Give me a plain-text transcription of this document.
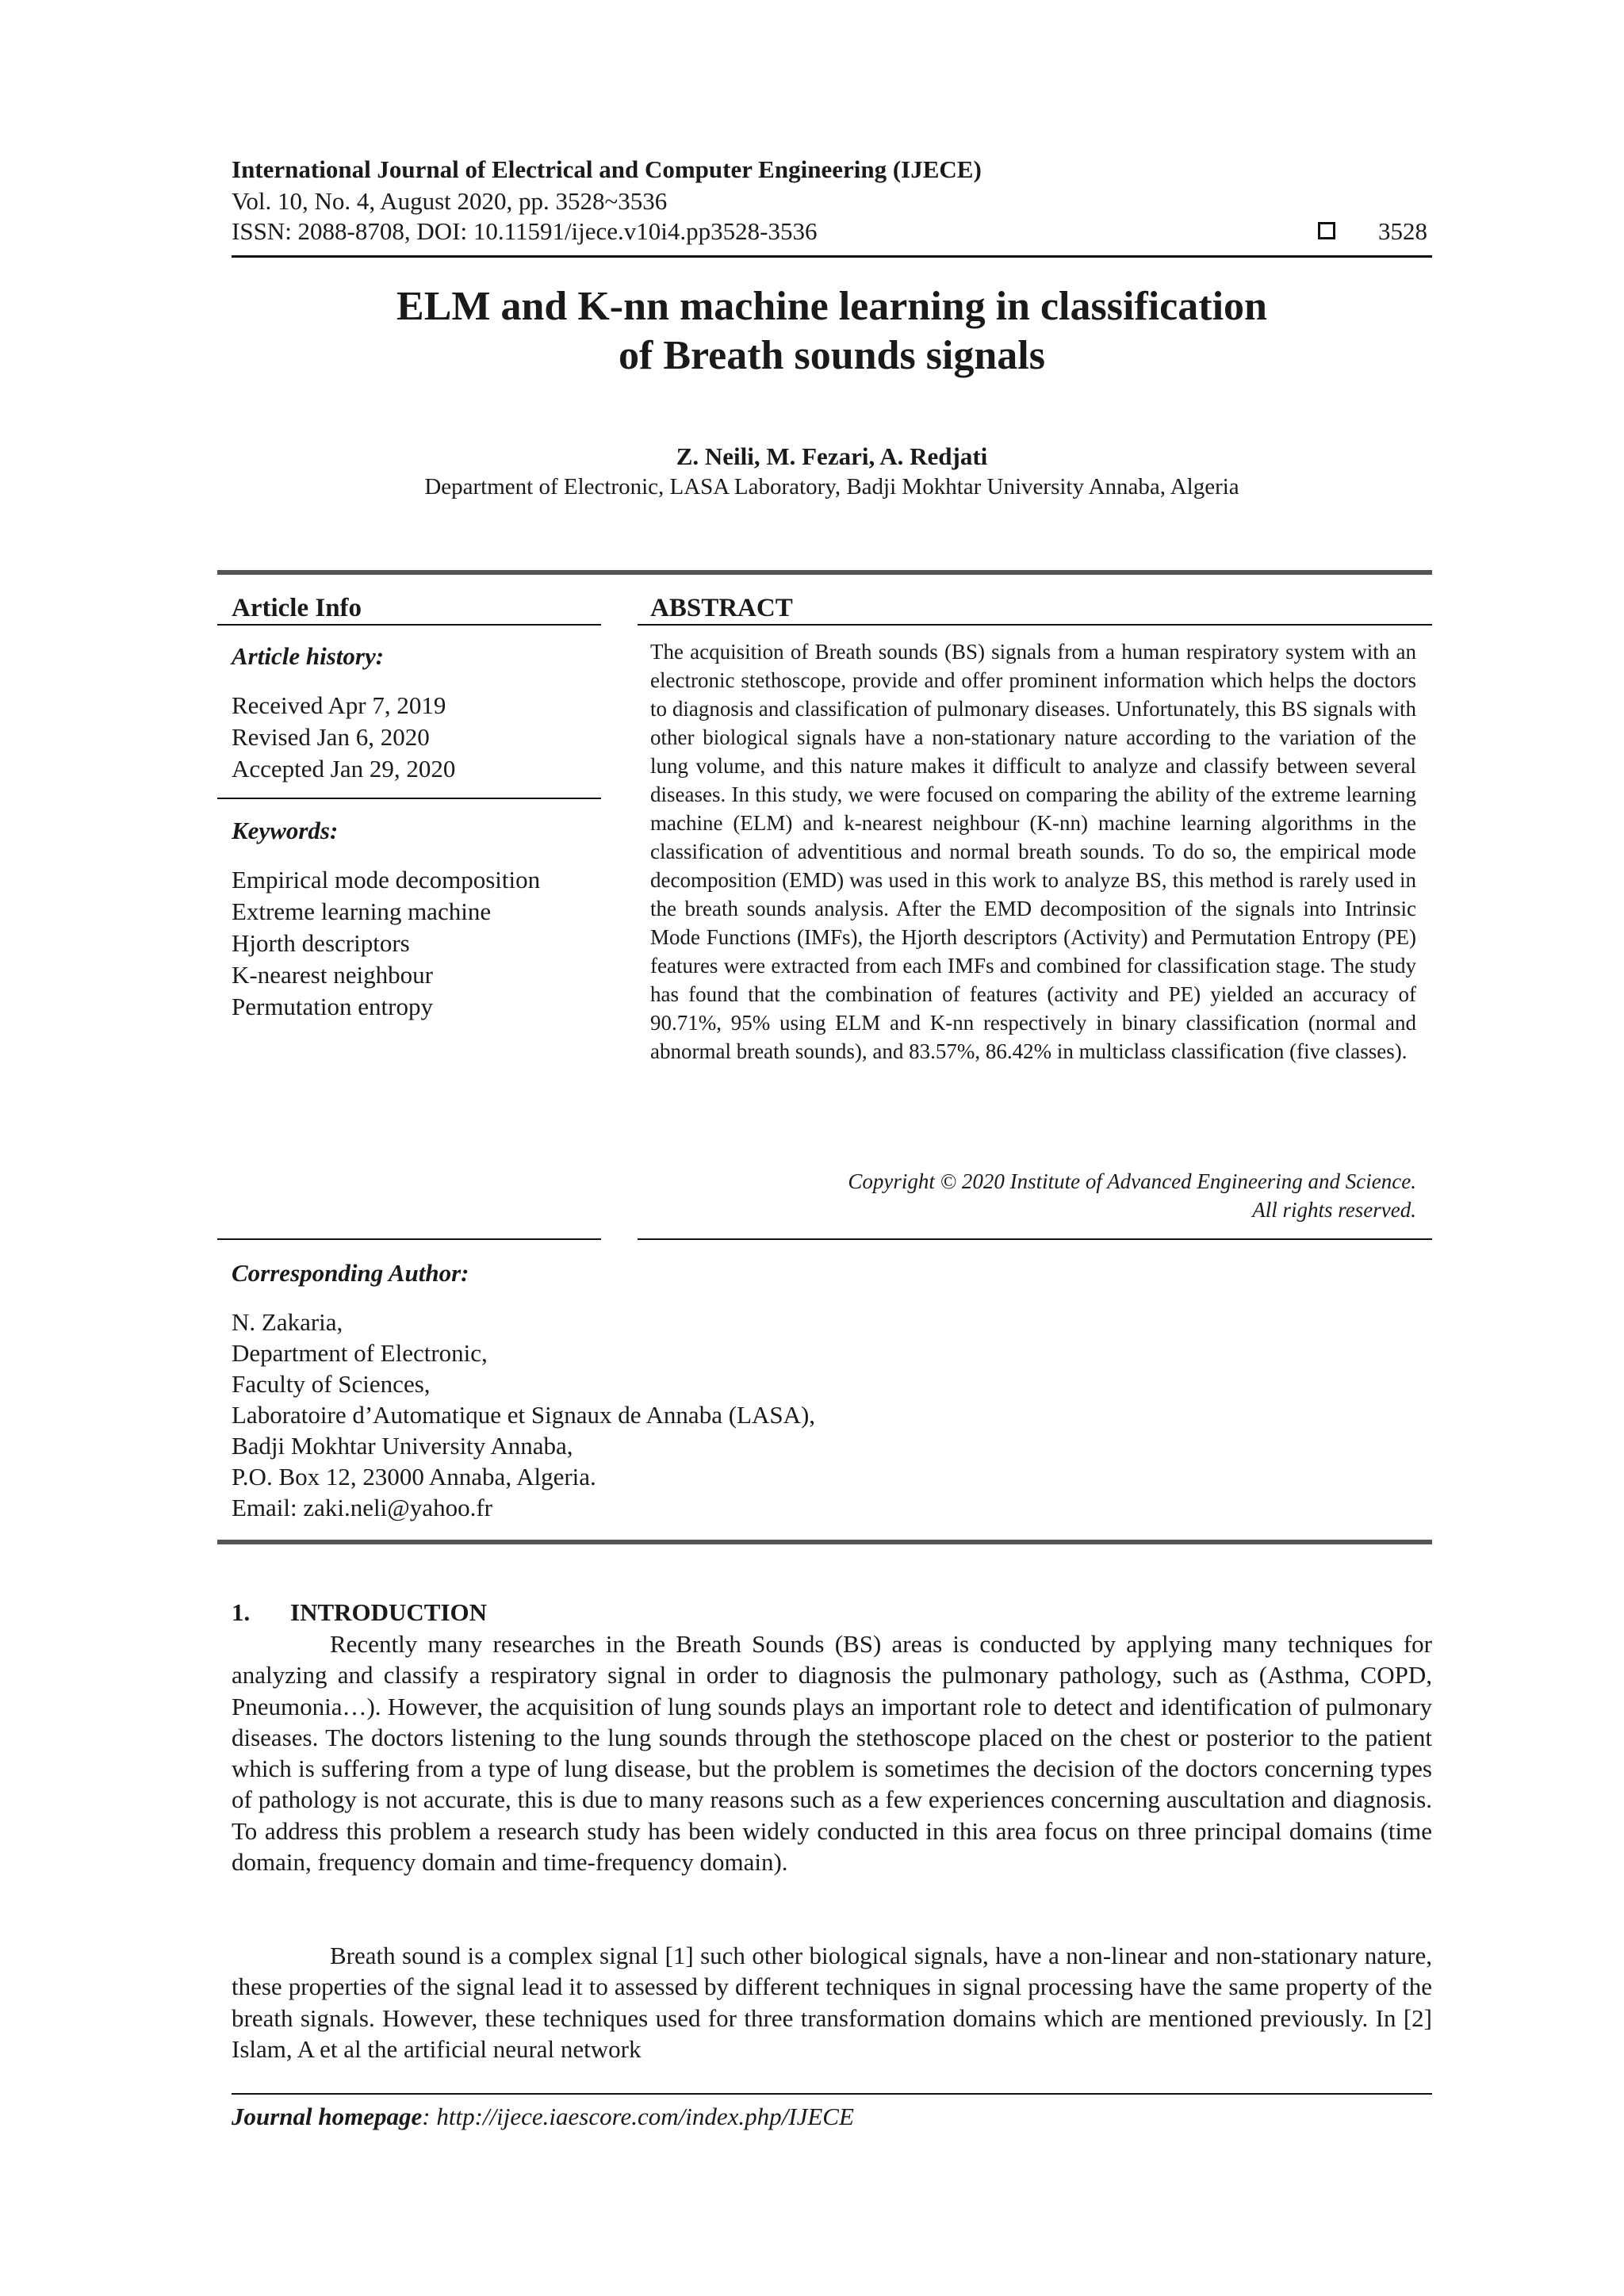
International Journal of Electrical and Computer Engineering (IJECE)
Vol. 10, No. 4, August 2020, pp. 3528~3536
ISSN: 2088-8708, DOI: 10.11591/ijece.v10i4.pp3528-3536	3528
ELM and K-nn machine learning in classification
of Breath sounds signals
Z. Neili, M. Fezari, A. Redjati
Department of Electronic, LASA Laboratory, Badji Mokhtar University Annaba, Algeria
Article Info
Article history:
Received Apr 7, 2019
Revised Jan 6, 2020
Accepted Jan 29, 2020
Keywords:
Empirical mode decomposition
Extreme learning machine
Hjorth descriptors
K-nearest neighbour
Permutation entropy
ABSTRACT
The acquisition of Breath sounds (BS) signals from a human respiratory system with an electronic stethoscope, provide and offer prominent information which helps the doctors to diagnosis and classification of pulmonary diseases. Unfortunately, this BS signals with other biological signals have a non-stationary nature according to the variation of the lung volume, and this nature makes it difficult to analyze and classify between several diseases. In this study, we were focused on comparing the ability of the extreme learning machine (ELM) and k-nearest neighbour (K-nn) machine learning algorithms in the classification of adventitious and normal breath sounds. To do so, the empirical mode decomposition (EMD) was used in this work to analyze BS, this method is rarely used in the breath sounds analysis. After the EMD decomposition of the signals into Intrinsic Mode Functions (IMFs), the Hjorth descriptors (Activity) and Permutation Entropy (PE) features were extracted from each IMFs and combined for classification stage. The study has found that the combination of features (activity and PE) yielded an accuracy of 90.71%, 95% using ELM and K-nn respectively in binary classification (normal and abnormal breath sounds), and 83.57%, 86.42% in multiclass classification (five classes).
Copyright © 2020 Institute of Advanced Engineering and Science.
All rights reserved.
Corresponding Author:
N. Zakaria,
Department of Electronic,
Faculty of Sciences,
Laboratoire d’Automatique et Signaux de Annaba (LASA),
Badji Mokhtar University Annaba,
P.O. Box 12, 23000 Annaba, Algeria.
Email: zaki.neli@yahoo.fr
1. INTRODUCTION

Recently many researches in the Breath Sounds (BS) areas is conducted by applying many techniques for analyzing and classify a respiratory signal in order to diagnosis the pulmonary pathology, such as (Asthma, COPD, Pneumonia…). However, the acquisition of lung sounds plays an important role to detect and identification of pulmonary diseases. The doctors listening to the lung sounds through the stethoscope placed on the chest or posterior to the patient which is suffering from a type of lung disease, but the problem is sometimes the decision of the doctors concerning types of pathology is not accurate, this is due to many reasons such as a few experiences concerning auscultation and diagnosis. To address this problem a research study has been widely conducted in this area focus on three principal domains (time domain, frequency domain and time-frequency domain).

Breath sound is a complex signal [1] such other biological signals, have a non-linear and non-stationary nature, these properties of the signal lead it to assessed by different techniques in signal processing have the same property of the breath signals. However, these techniques used for three transformation domains which are mentioned previously. In [2] Islam, A et al the artificial neural network

Journal homepage: http://ijece.iaescore.com/index.php/IJECE
